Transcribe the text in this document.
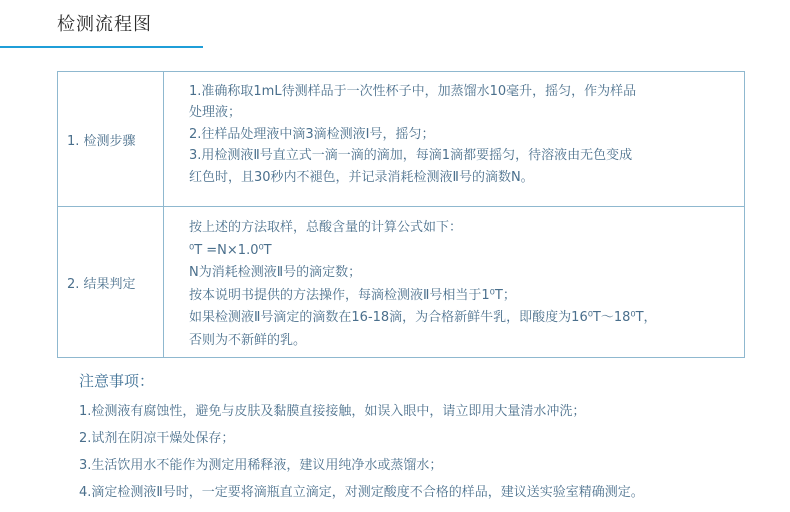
检测流程图
1. 检测步骤
1.准确称取1mL待测样品于一次性杯子中，加蒸馏水10毫升，摇匀，作为样品
处理液；
2.往样品处理液中滴3滴检测液Ⅰ号，摇匀；
3.用检测液Ⅱ号直立式一滴一滴的滴加，每滴1滴都要摇匀，待溶液由无色变成
红色时，且30秒内不褪色，并记录消耗检测液Ⅱ号的滴数N。
2. 结果判定
按上述的方法取样，总酸含量的计算公式如下：
⁰T =N×1.0⁰T
N为消耗检测液Ⅱ号的滴定数；
按本说明书提供的方法操作，每滴检测液Ⅱ号相当于1⁰T；
如果检测液Ⅱ号滴定的滴数在16-18滴，为合格新鲜牛乳，即酸度为16⁰T～18⁰T，
否则为不新鲜的乳。
注意事项：
1.检测液有腐蚀性，避免与皮肤及黏膜直接接触，如误入眼中，请立即用大量清水冲洗；
2.试剂在阴凉干燥处保存；
3.生活饮用水不能作为测定用稀释液，建议用纯净水或蒸馏水；
4.滴定检测液Ⅱ号时，一定要将滴瓶直立滴定，对测定酸度不合格的样品，建议送实验室精确测定。
